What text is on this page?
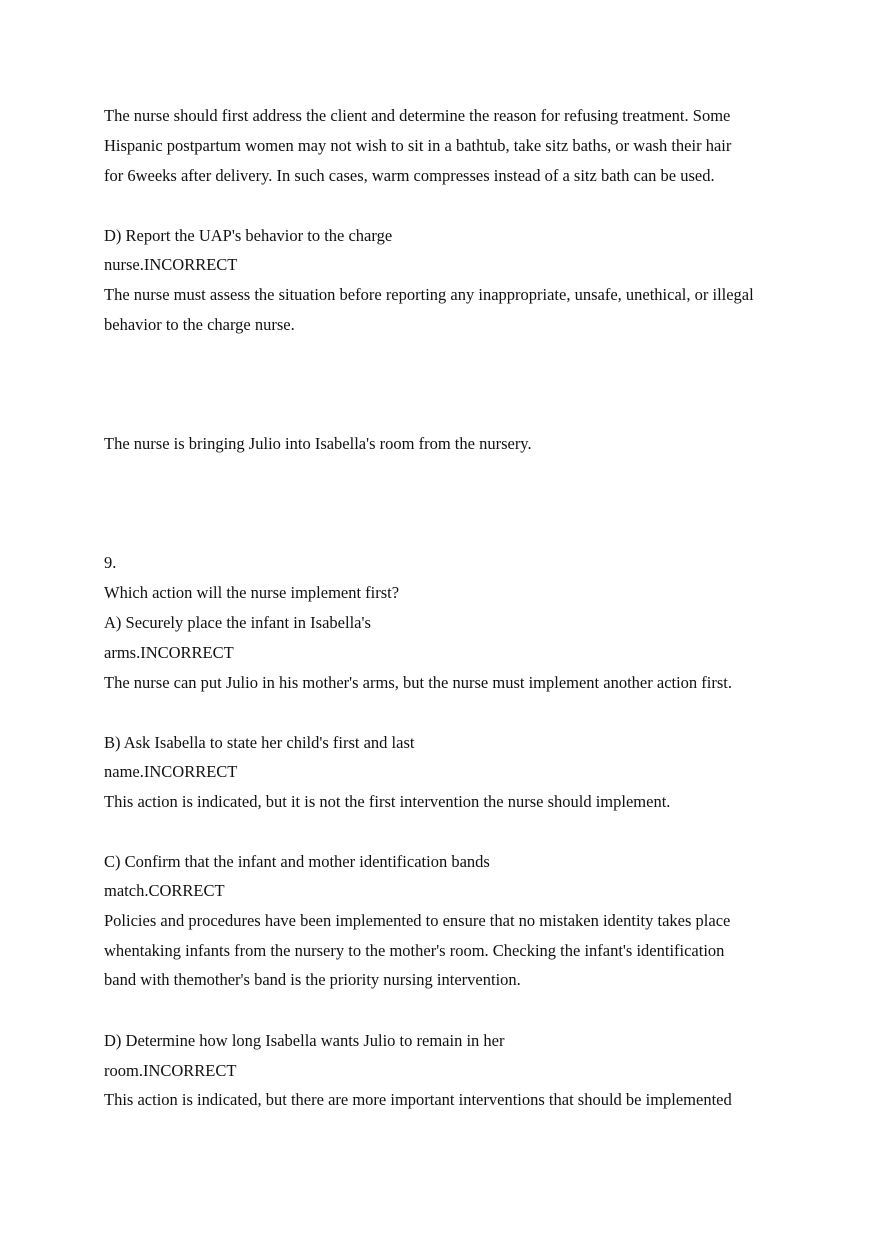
The nurse should first address the client and determine the reason for refusing treatment. Some

Hispanic postpartum women may not wish to sit in a bathtub, take sitz baths, or wash their hair

for 6weeks after delivery. In such cases, warm compresses instead of a sitz bath can be used.

D) Report the UAP's behavior to the charge

nurse.INCORRECT

The nurse must assess the situation before reporting any inappropriate, unsafe, unethical, or illegal

behavior to the charge nurse.

The nurse is bringing Julio into Isabella's room from the nursery.

9.

Which action will the nurse implement first?

A) Securely place the infant in Isabella's

arms.INCORRECT

The nurse can put Julio in his mother's arms, but the nurse must implement another action first.

B) Ask Isabella to state her child's first and last

name.INCORRECT

This action is indicated, but it is not the first intervention the nurse should implement.

C) Confirm that the infant and mother identification bands

match.CORRECT

Policies and procedures have been implemented to ensure that no mistaken identity takes place

whentaking infants from the nursery to the mother's room. Checking the infant's identification

band with themother's band is the priority nursing intervention.

D) Determine how long Isabella wants Julio to remain in her

room.INCORRECT

This action is indicated, but there are more important interventions that should be implemented
